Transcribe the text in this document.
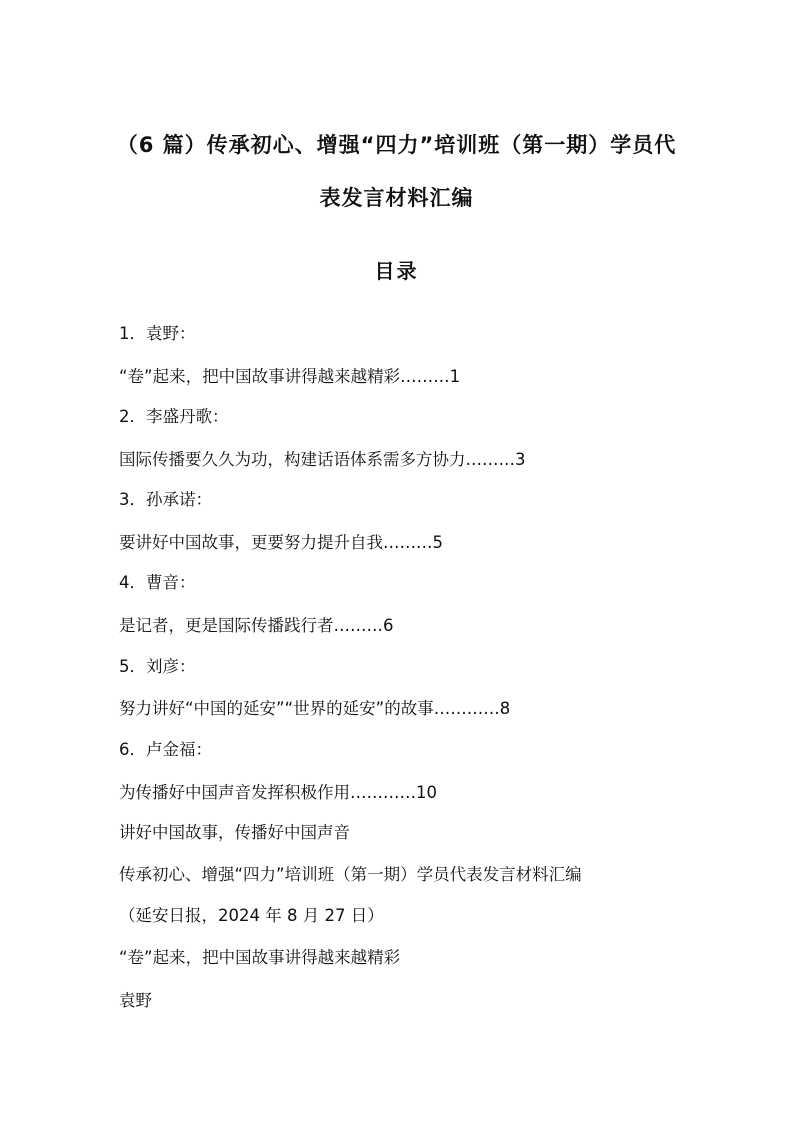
（6 篇）传承初心、增强“四力”培训班（第一期）学员代
表发言材料汇编
目录
1．袁野：
“卷”起来，把中国故事讲得越来越精彩………1
2．李盛丹歌：
国际传播要久久为功，构建话语体系需多方协力………3
3．孙承诺：
要讲好中国故事，更要努力提升自我………5
4．曹音：
是记者，更是国际传播践行者………6
5．刘彦：
努力讲好“中国的延安”“世界的延安”的故事…………8
6．卢金福：
为传播好中国声音发挥积极作用…………10
讲好中国故事，传播好中国声音
传承初心、增强“四力”培训班（第一期）学员代表发言材料汇编
（延安日报，2024 年 8 月 27 日）
“卷”起来，把中国故事讲得越来越精彩
袁野
